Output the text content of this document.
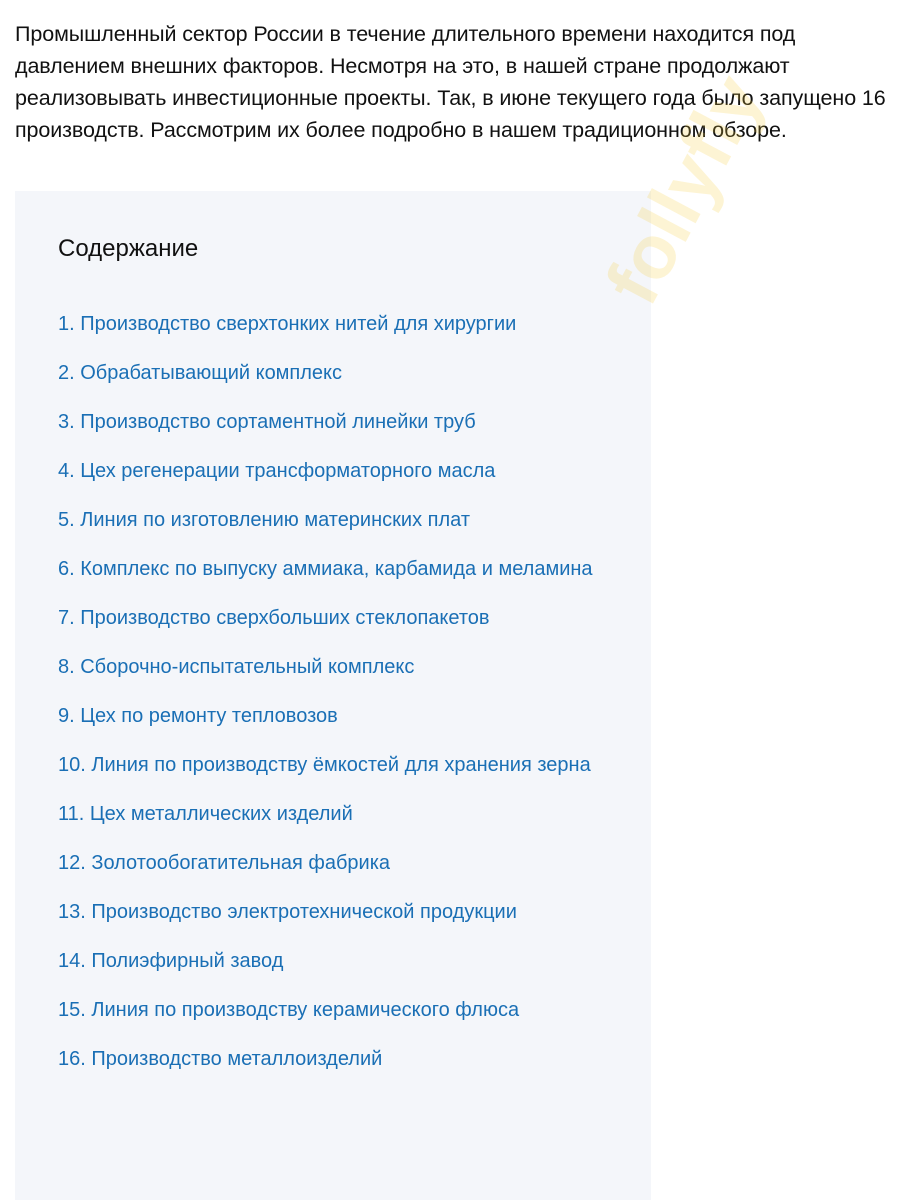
Промышленный сектор России в течение длительного времени находится под давлением внешних факторов. Несмотря на это, в нашей стране продолжают реализовывать инвестиционные проекты. Так, в июне текущего года было запущено 16 производств. Рассмотрим их более подробно в нашем традиционном обзоре.

Содержание
1. Производство сверхтонких нитей для хирургии
2. Обрабатывающий комплекс
3. Производство сортаментной линейки труб
4. Цех регенерации трансформаторного масла
5. Линия по изготовлению материнских плат
6. Комплекс по выпуску аммиака, карбамида и меламина
7. Производство сверхбольших стеклопакетов
8. Сборочно-испытательный комплекс
9. Цех по ремонту тепловозов
10. Линия по производству ёмкостей для хранения зерна
11. Цех металлических изделий
12. Золотообогатительная фабрика
13. Производство электротехнической продукции
14. Полиэфирный завод
15. Линия по производству керамического флюса
16. Производство металлоизделий
follyfly
